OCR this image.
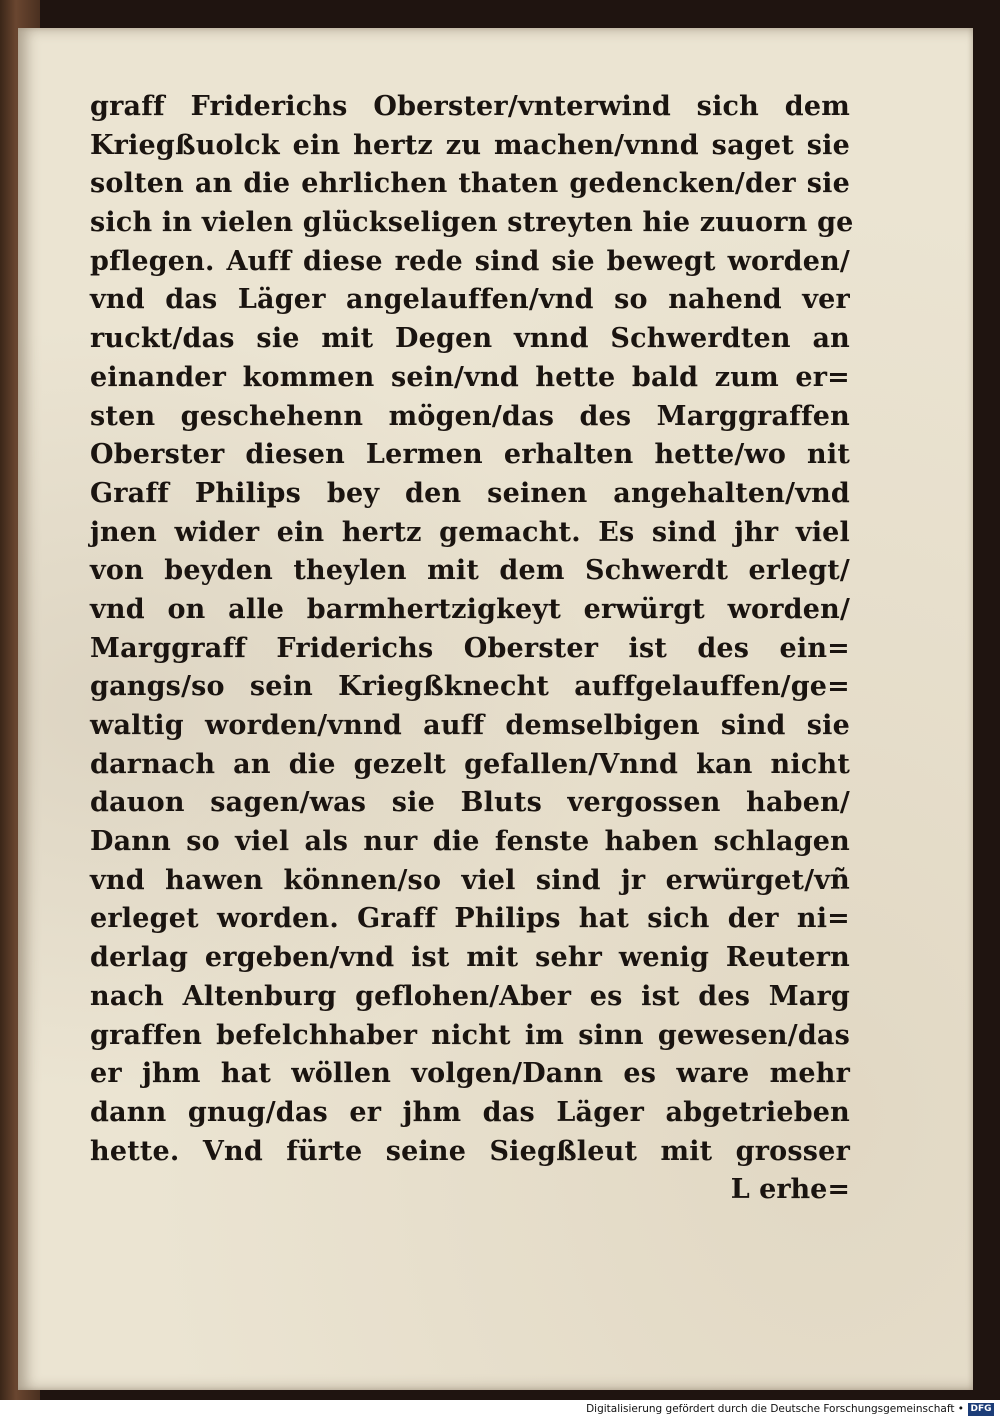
graff Friderichs Oberster/vnterwind sich dem
Kriegßuolck ein hertz zu machen/vnnd saget sie
solten an die ehrlichen thaten gedencken/der sie
sich in vielen glückseligen streyten hie zuuorn ge
pflegen. Auff diese rede sind sie bewegt worden/
vnd das Läger angelauffen/vnd so nahend ver
ruckt/das sie mit Degen vnnd Schwerdten an
einander kommen sein/vnd hette bald zum er=
sten geschehenn mögen/das des Marggraffen
Oberster diesen Lermen erhalten hette/wo nit
Graff Philips bey den seinen angehalten/vnd
jnen wider ein hertz gemacht. Es sind jhr viel
von beyden theylen mit dem Schwerdt erlegt/
vnd on alle barmhertzigkeyt erwürgt worden/
Marggraff Friderichs Oberster ist des ein=
gangs/so sein Kriegßknecht auffgelauffen/ge=
waltig worden/vnnd auff demselbigen sind sie
darnach an die gezelt gefallen/Vnnd kan nicht
dauon sagen/was sie Bluts vergossen haben/
Dann so viel als nur die fenste haben schlagen
vnd hawen können/so viel sind jr erwürget/vñ
erleget worden. Graff Philips hat sich der ni=
derlag ergeben/vnd ist mit sehr wenig Reutern
nach Altenburg geflohen/Aber es ist des Marg
graffen befelchhaber nicht im sinn gewesen/das
er jhm hat wöllen volgen/Dann es ware mehr
dann gnug/das er jhm das Läger abgetrieben
hette. Vnd fürte seine Siegßleut mit grosser
L erhe=
Digitalisierung gefördert durch die Deutsche Forschungsgemeinschaft • DFG
